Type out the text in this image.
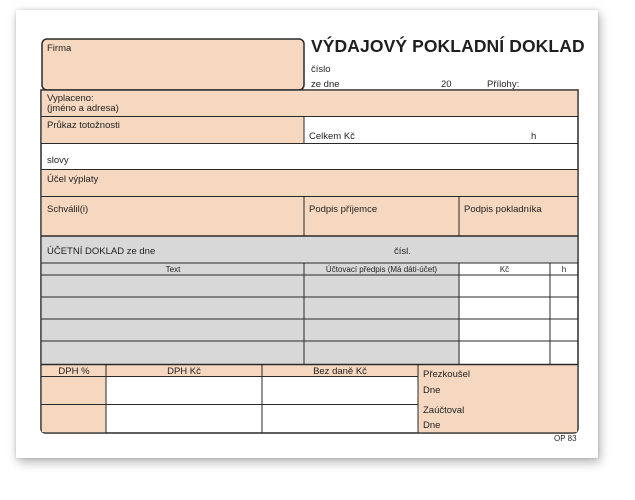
VÝDAJOVÝ POKLADNÍ DOKLAD
Firma
číslo
ze dne	20	Přílohy:
Vyplaceno:
(jméno a adresa)
Průkaz totožnosti
Celkem Kč	h
slovy
Účel výplaty
Schválil(i)	Podpis příjemce	Podpis pokladníka
ÚČETNÍ DOKLAD ze dne	čísl.
Text	Účtovací předpis (Má dáti-účet)	Kč	h
DPH %	DPH Kč	Bez daně Kč	Přezkoušel
Dne
Zaúčtoval
Dne
OP 83
